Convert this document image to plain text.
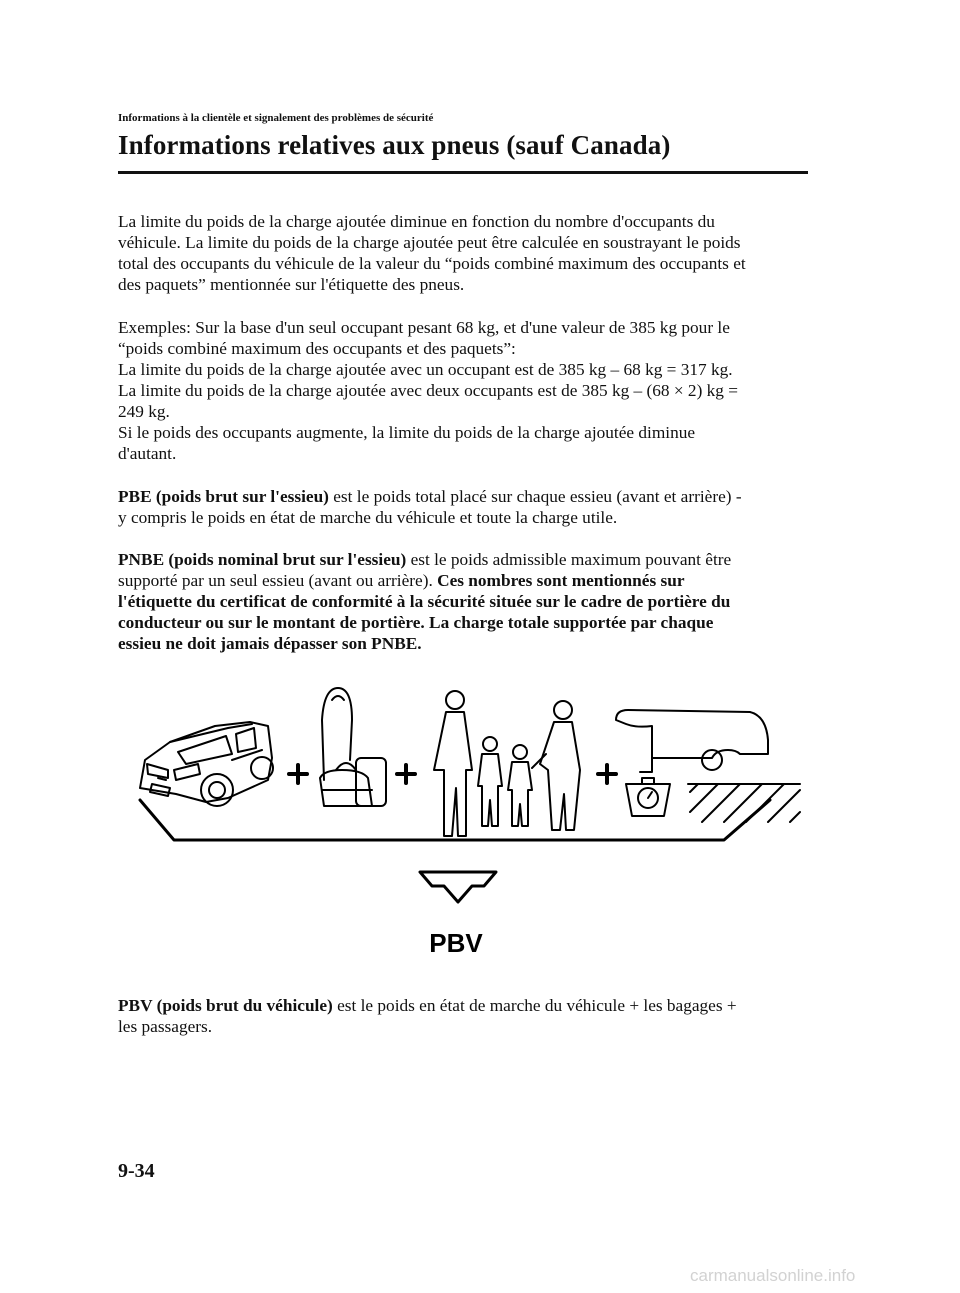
Informations à la clientèle et signalement des problèmes de sécurité
Informations relatives aux pneus (sauf Canada)

La limite du poids de la charge ajoutée diminue en fonction du nombre d'occupants du
véhicule. La limite du poids de la charge ajoutée peut être calculée en soustrayant le poids
total des occupants du véhicule de la valeur du “poids combiné maximum des occupants et
des paquets” mentionnée sur l'étiquette des pneus.

Exemples: Sur la base d'un seul occupant pesant 68 kg, et d'une valeur de 385 kg pour le
“poids combiné maximum des occupants et des paquets”:
La limite du poids de la charge ajoutée avec un occupant est de 385 kg – 68 kg = 317 kg.
La limite du poids de la charge ajoutée avec deux occupants est de 385 kg – (68 × 2) kg =
249 kg.
Si le poids des occupants augmente, la limite du poids de la charge ajoutée diminue
d'autant.

PBE (poids brut sur l'essieu) est le poids total placé sur chaque essieu (avant et arrière) -
y compris le poids en état de marche du véhicule et toute la charge utile.

PNBE (poids nominal brut sur l'essieu) est le poids admissible maximum pouvant être
supporté par un seul essieu (avant ou arrière). Ces nombres sont mentionnés sur
l'étiquette du certificat de conformité à la sécurité située sur le cadre de portière du
conducteur ou sur le montant de portière. La charge totale supportée par chaque
essieu ne doit jamais dépasser son PNBE.

PBV

PBV (poids brut du véhicule) est le poids en état de marche du véhicule + les bagages +
les passagers.

9-34
carmanualsonline.info
